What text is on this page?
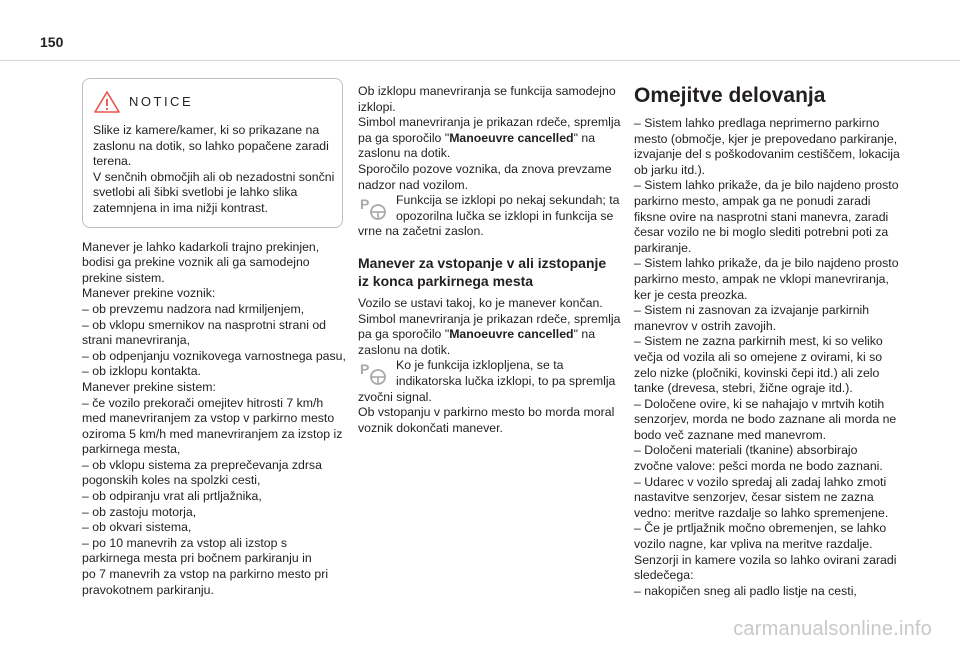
150
NOTICE
Slike iz kamere/kamer, ki so prikazane na
zaslonu na dotik, so lahko popačene zaradi
terena.
V senčnih območjih ali ob nezadostni sončni
svetlobi ali šibki svetlobi je lahko slika
zatemnjena in ima nižji kontrast.
Manever je lahko kadarkoli trajno prekinjen,
bodisi ga prekine voznik ali ga samodejno
prekine sistem.
Manever prekine voznik:
– ob prevzemu nadzora nad krmiljenjem,
– ob vklopu smernikov na nasprotni strani od
strani manevriranja,
– ob odpenjanju voznikovega varnostnega pasu,
– ob izklopu kontakta.
Manever prekine sistem:
– če vozilo prekorači omejitev hitrosti 7 km/h
med manevriranjem za vstop v parkirno mesto
oziroma 5 km/h med manevriranjem za izstop iz
parkirnega mesta,
– ob vklopu sistema za preprečevanja zdrsa
pogonskih koles na spolzki cesti,
– ob odpiranju vrat ali prtljažnika,
– ob zastoju motorja,
– ob okvari sistema,
– po 10 manevrih za vstop ali izstop s
parkirnega mesta pri bočnem parkiranju in
po 7 manevrih za vstop na parkirno mesto pri
pravokotnem parkiranju.
Ob izklopu manevriranja se funkcija samodejno
izklopi.
Simbol manevriranja je prikazan rdeče, spremlja
pa ga sporočilo "Manoeuvre cancelled" na
zaslonu na dotik.
Sporočilo pozove voznika, da znova prevzame
nadzor nad vozilom.
P	Funkcija se izklopi po nekaj sekundah; ta
opozorilna lučka se izklopi in funkcija se
vrne na začetni zaslon.
Manever za vstopanje v ali izstopanje
iz konca parkirnega mesta
Vozilo se ustavi takoj, ko je manever končan.
Simbol manevriranja je prikazan rdeče, spremlja
pa ga sporočilo "Manoeuvre cancelled" na
zaslonu na dotik.
P	Ko je funkcija izklopljena, se ta
indikatorska lučka izklopi, to pa spremlja
zvočni signal.
Ob vstopanju v parkirno mesto bo morda moral
voznik dokončati manever.
Omejitve delovanja
– Sistem lahko predlaga neprimerno parkirno
mesto (območje, kjer je prepovedano parkiranje,
izvajanje del s poškodovanim cestiščem, lokacija
ob jarku itd.).
– Sistem lahko prikaže, da je bilo najdeno prosto
parkirno mesto, ampak ga ne ponudi zaradi
fiksne ovire na nasprotni stani manevra, zaradi
česar vozilo ne bi moglo slediti potrebni poti za
parkiranje.
– Sistem lahko prikaže, da je bilo najdeno prosto
parkirno mesto, ampak ne vklopi manevriranja,
ker je cesta preozka.
– Sistem ni zasnovan za izvajanje parkirnih
manevrov v ostrih zavojih.
– Sistem ne zazna parkirnih mest, ki so veliko
večja od vozila ali so omejene z ovirami, ki so
zelo nizke (pločniki, kovinski čepi itd.) ali zelo
tanke (drevesa, stebri, žične ograje itd.).
– Določene ovire, ki se nahajajo v mrtvih kotih
senzorjev, morda ne bodo zaznane ali morda ne
bodo več zaznane med manevrom.
– Določeni materiali (tkanine) absorbirajo
zvočne valove: pešci morda ne bodo zaznani.
– Udarec v vozilo spredaj ali zadaj lahko zmoti
nastavitve senzorjev, česar sistem ne zazna
vedno: meritve razdalje so lahko spremenjene.
– Če je prtljažnik močno obremenjen, se lahko
vozilo nagne, kar vpliva na meritve razdalje.
Senzorji in kamere vozila so lahko ovirani zaradi
sledečega:
– nakopičen sneg ali padlo listje na cesti,
carmanualsonline.info
